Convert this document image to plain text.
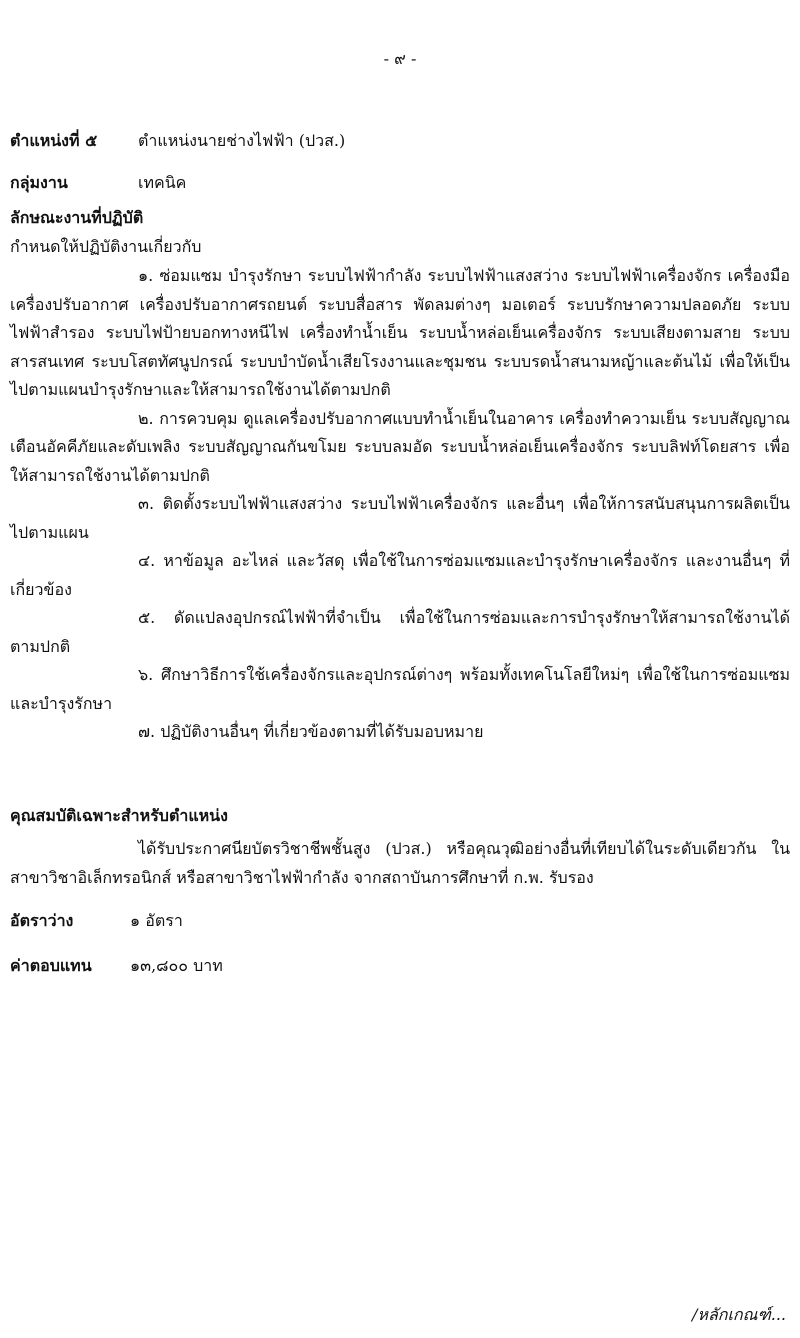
- ๙ -
ตำแหน่งที่ ๕	ตำแหน่งนายช่างไฟฟ้า (ปวส.)
กลุ่มงาน	เทคนิค
ลักษณะงานที่ปฏิบัติ
กำหนดให้ปฏิบัติงานเกี่ยวกับ
๑. ซ่อมแซม บำรุงรักษา ระบบไฟฟ้ากำลัง ระบบไฟฟ้าแสงสว่าง ระบบไฟฟ้าเครื่องจักร เครื่องมือ เครื่องปรับอากาศ เครื่องปรับอากาศรถยนต์ ระบบสื่อสาร พัดลมต่างๆ มอเตอร์ ระบบรักษาความปลอดภัย ระบบไฟฟ้าสำรอง ระบบไฟป้ายบอกทางหนีไฟ เครื่องทำน้ำเย็น ระบบน้ำหล่อเย็นเครื่องจักร ระบบเสียงตามสาย ระบบสารสนเทศ ระบบโสตทัศนูปกรณ์ ระบบบำบัดน้ำเสียโรงงานและชุมชน ระบบรดน้ำสนามหญ้าและต้นไม้ เพื่อให้เป็นไปตามแผนบำรุงรักษาและให้สามารถใช้งานได้ตามปกติ
๒. การควบคุม ดูแลเครื่องปรับอากาศแบบทำน้ำเย็นในอาคาร เครื่องทำความเย็น ระบบสัญญาณเตือนอัคคีภัยและดับเพลิง ระบบสัญญาณกันขโมย ระบบลมอัด ระบบน้ำหล่อเย็นเครื่องจักร ระบบลิฟท์โดยสาร เพื่อให้สามารถใช้งานได้ตามปกติ
๓. ติดตั้งระบบไฟฟ้าแสงสว่าง ระบบไฟฟ้าเครื่องจักร และอื่นๆ เพื่อให้การสนับสนุนการผลิตเป็นไปตามแผน
๔. หาข้อมูล อะไหล่ และวัสดุ เพื่อใช้ในการซ่อมแซมและบำรุงรักษาเครื่องจักร และงานอื่นๆ ที่เกี่ยวข้อง
๕. ดัดแปลงอุปกรณ์ไฟฟ้าที่จำเป็น เพื่อใช้ในการซ่อมและการบำรุงรักษาให้สามารถใช้งานได้ตามปกติ
๖. ศึกษาวิธีการใช้เครื่องจักรและอุปกรณ์ต่างๆ พร้อมทั้งเทคโนโลยีใหม่ๆ เพื่อใช้ในการซ่อมแซมและบำรุงรักษา
๗. ปฏิบัติงานอื่นๆ ที่เกี่ยวข้องตามที่ได้รับมอบหมาย
คุณสมบัติเฉพาะสำหรับตำแหน่ง
ได้รับประกาศนียบัตรวิชาชีพชั้นสูง (ปวส.) หรือคุณวุฒิอย่างอื่นที่เทียบได้ในระดับเดียวกัน ในสาขาวิชาอิเล็กทรอนิกส์ หรือสาขาวิชาไฟฟ้ากำลัง จากสถาบันการศึกษาที่ ก.พ. รับรอง
อัตราว่าง	๑ อัตรา
ค่าตอบแทน ๑๓,๘๐๐ บาท
/หลักเกณฑ์...
